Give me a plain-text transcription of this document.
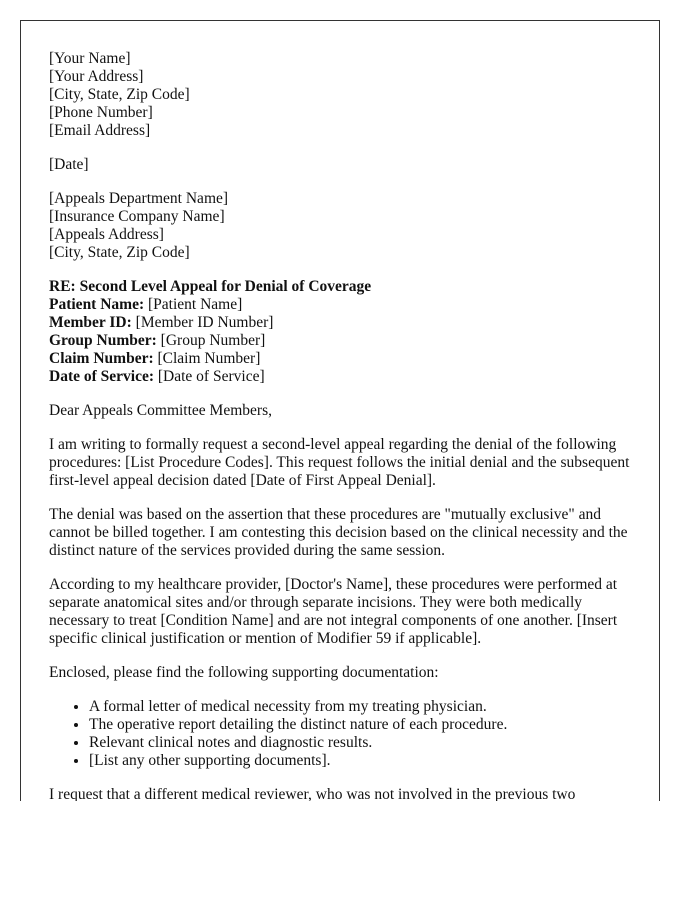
[Your Name]
[Your Address]
[City, State, Zip Code]
[Phone Number]
[Email Address]
[Date]
[Appeals Department Name]
[Insurance Company Name]
[Appeals Address]
[City, State, Zip Code]
RE: Second Level Appeal for Denial of Coverage
Patient Name: [Patient Name]
Member ID: [Member ID Number]
Group Number: [Group Number]
Claim Number: [Claim Number]
Date of Service: [Date of Service]

Dear Appeals Committee Members,

I am writing to formally request a second-level appeal regarding the denial of the following procedures: [List Procedure Codes]. This request follows the initial denial and the subsequent first-level appeal decision dated [Date of First Appeal Denial].

The denial was based on the assertion that these procedures are "mutually exclusive" and cannot be billed together. I am contesting this decision based on the clinical necessity and the distinct nature of the services provided during the same session.

According to my healthcare provider, [Doctor's Name], these procedures were performed at separate anatomical sites and/or through separate incisions. They were both medically necessary to treat [Condition Name] and are not integral components of one another. [Insert specific clinical justification or mention of Modifier 59 if applicable].

Enclosed, please find the following supporting documentation:

• A formal letter of medical necessity from my treating physician.
• The operative report detailing the distinct nature of each procedure.
• Relevant clinical notes and diagnostic results.
• [List any other supporting documents].

I request that a different medical reviewer, who was not involved in the previous two
